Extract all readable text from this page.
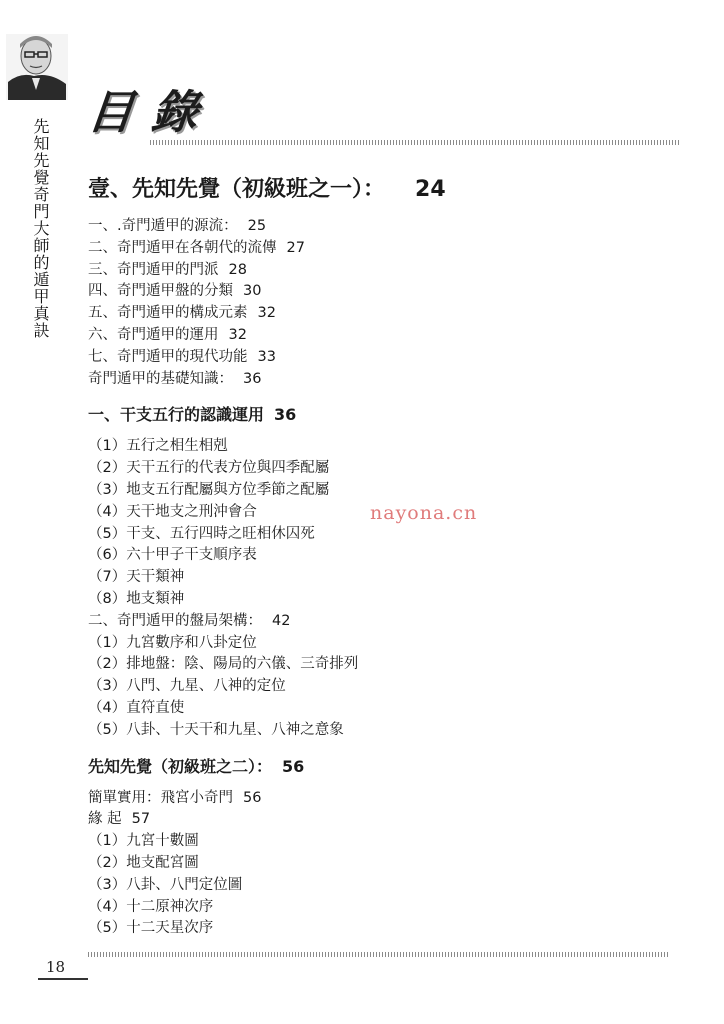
先知先覺奇門大師的遁甲真訣
目錄
壹、先知先覺（初級班之一）： 24
一、.奇門遁甲的源流： 25
二、奇門遁甲在各朝代的流傳 27
三、奇門遁甲的門派 28
四、奇門遁甲盤的分類 30
五、奇門遁甲的構成元素 32
六、奇門遁甲的運用 32
七、奇門遁甲的現代功能 33
奇門遁甲的基礎知識： 36
一、干支五行的認識運用 36
（1）五行之相生相剋
（2）天干五行的代表方位與四季配屬
（3）地支五行配屬與方位季節之配屬
（4）天干地支之刑沖會合
（5）干支、五行四時之旺相休囚死
（6）六十甲子干支順序表
（7）天干類神
（8）地支類神
二、奇門遁甲的盤局架構： 42
（1）九宮數序和八卦定位
（2）排地盤：陰、陽局的六儀、三奇排列
（3）八門、九星、八神的定位
（4）直符直使
（5）八卦、十天干和九星、八神之意象
先知先覺（初級班之二）： 56
簡單實用：飛宮小奇門 56
緣 起 57
（1）九宮十數圖
（2）地支配宮圖
（3）八卦、八門定位圖
（4）十二原神次序
（5）十二天星次序
nayona.cn
18
